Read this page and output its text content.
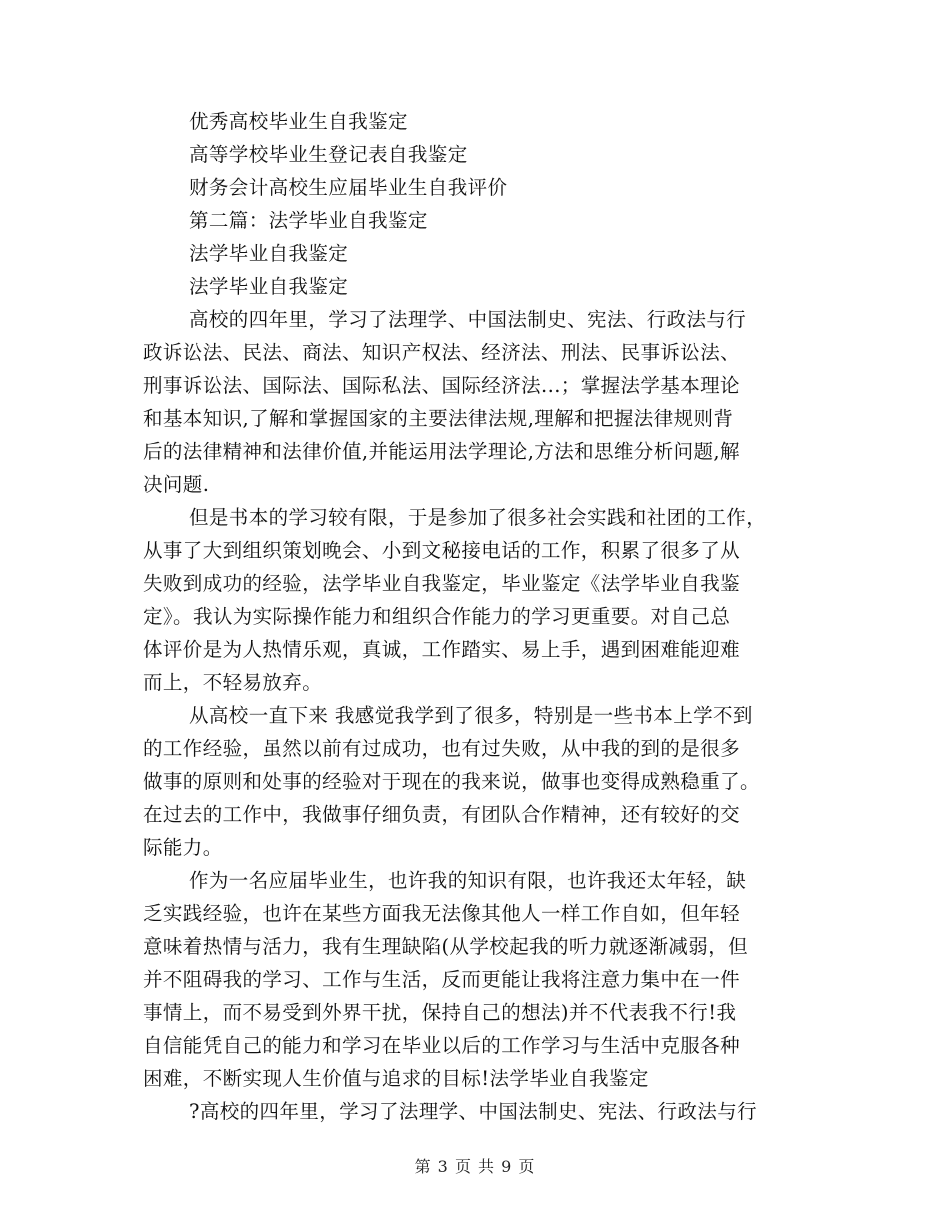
优秀高校毕业生自我鉴定
高等学校毕业生登记表自我鉴定
财务会计高校生应届毕业生自我评价
第二篇：法学毕业自我鉴定
法学毕业自我鉴定
法学毕业自我鉴定
高校的四年里，学习了法理学、中国法制史、宪法、行政法与行
政诉讼法、民法、商法、知识产权法、经济法、刑法、民事诉讼法、
刑事诉讼法、国际法、国际私法、国际经济法...；掌握法学基本理论
和基本知识,了解和掌握国家的主要法律法规,理解和把握法律规则背
后的法律精神和法律价值,并能运用法学理论,方法和思维分析问题,解
决问题.
但是书本的学习较有限，于是参加了很多社会实践和社团的工作，
从事了大到组织策划晚会、小到文秘接电话的工作，积累了很多了从
失败到成功的经验，法学毕业自我鉴定，毕业鉴定《法学毕业自我鉴
定》。我认为实际操作能力和组织合作能力的学习更重要。对自己总
体评价是为人热情乐观，真诚，工作踏实、易上手，遇到困难能迎难
而上，不轻易放弃。
从高校一直下来 我感觉我学到了很多，特别是一些书本上学不到
的工作经验，虽然以前有过成功，也有过失败，从中我的到的是很多
做事的原则和处事的经验对于现在的我来说，做事也变得成熟稳重了。
在过去的工作中，我做事仔细负责，有团队合作精神，还有较好的交
际能力。
作为一名应届毕业生，也许我的知识有限，也许我还太年轻，缺
乏实践经验，也许在某些方面我无法像其他人一样工作自如，但年轻
意味着热情与活力，我有生理缺陷(从学校起我的听力就逐渐减弱，但
并不阻碍我的学习、工作与生活，反而更能让我将注意力集中在一件
事情上，而不易受到外界干扰，保持自己的想法)并不代表我不行!我
自信能凭自己的能力和学习在毕业以后的工作学习与生活中克服各种
困难，不断实现人生价值与追求的目标!法学毕业自我鉴定
?高校的四年里，学习了法理学、中国法制史、宪法、行政法与行
第 3 页 共 9 页
